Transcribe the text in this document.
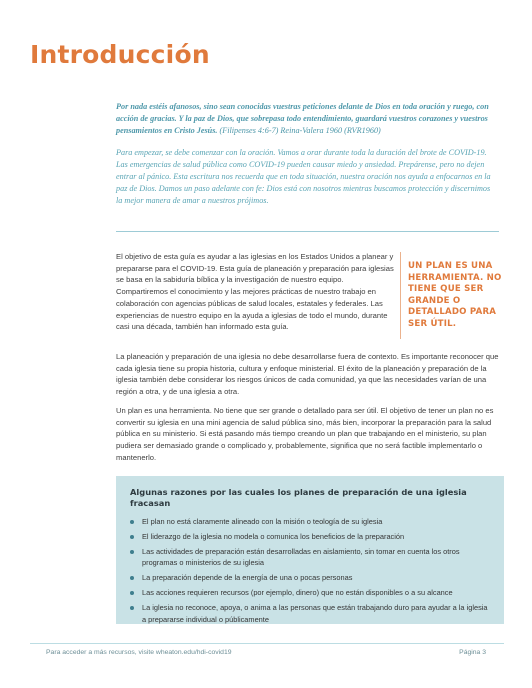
Introducción

Por nada estéis afanosos, sino sean conocidas vuestras peticiones delante de Dios en toda oración y ruego, con acción de gracias. Y la paz de Dios, que sobrepasa todo entendimiento, guardará vuestros corazones y vuestros pensamientos en Cristo Jesús. (Filipenses 4:6-7) Reina-Valera 1960 (RVR1960)

Para empezar, se debe comenzar con la oración. Vamos a orar durante toda la duración del brote de COVID-19. Las emergencias de salud pública como COVID-19 pueden causar miedo y ansiedad. Prepárense, pero no dejen entrar al pánico. Esta escritura nos recuerda que en toda situación, nuestra oración nos ayuda a enfocarnos en la paz de Dios. Damos un paso adelante con fe: Dios está con nosotros mientras buscamos protección y discernimos la mejor manera de amar a nuestros prójimos.

El objetivo de esta guía es ayudar a las iglesias en los Estados Unidos a planear y prepararse para el COVID-19. Esta guía de planeación y preparación para iglesias se basa en la sabiduría bíblica y la investigación de nuestro equipo. Compartiremos el conocimiento y las mejores prácticas de nuestro trabajo en colaboración con agencias públicas de salud locales, estatales y federales. Las experiencias de nuestro equipo en la ayuda a iglesias de todo el mundo, durante casi una década, también han informado esta guía.

UN PLAN ES UNA HERRAMIENTA. NO TIENE QUE SER GRANDE O DETALLADO PARA SER ÚTIL.

La planeación y preparación de una iglesia no debe desarrollarse fuera de contexto. Es importante reconocer que cada iglesia tiene su propia historia, cultura y enfoque ministerial. El éxito de la planeación y preparación de la iglesia también debe considerar los riesgos únicos de cada comunidad, ya que las necesidades varían de una región a otra, y de una iglesia a otra.

Un plan es una herramienta. No tiene que ser grande o detallado para ser útil. El objetivo de tener un plan no es convertir su iglesia en una mini agencia de salud pública sino, más bien, incorporar la preparación para la salud pública en su ministerio. Si está pasando más tiempo creando un plan que trabajando en el ministerio, su plan pudiera ser demasiado grande o complicado y, probablemente, significa que no será factible implementarlo o mantenerlo.

Algunas razones por las cuales los planes de preparación de una iglesia fracasan

El plan no está claramente alineado con la misión o teología de su iglesia
El liderazgo de la iglesia no modela o comunica los beneficios de la preparación
Las actividades de preparación están desarrolladas en aislamiento, sin tomar en cuenta los otros programas o ministerios de su iglesia
La preparación depende de la energía de una o pocas personas
Las acciones requieren recursos (por ejemplo, dinero) que no están disponibles o a su alcance
La iglesia no reconoce, apoya, o anima a las personas que están trabajando duro para ayudar a la iglesia a prepararse individual o públicamente
Para acceder a más recursos, visite wheaton.edu/hdi-covid19	Página 3
